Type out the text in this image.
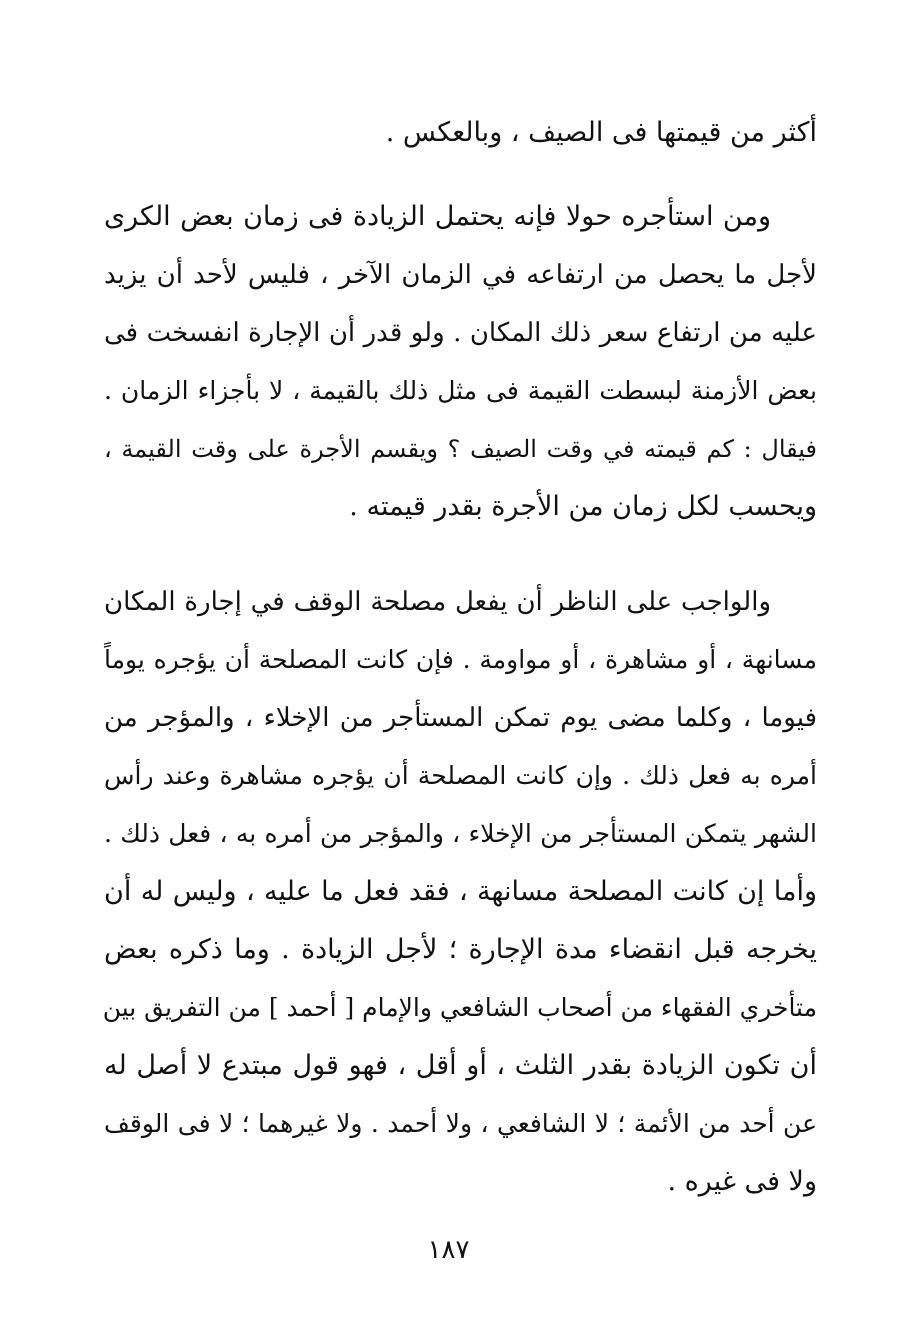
أكثر من قيمتها فى الصيف ، وبالعكس .
ومن استأجره حولا فإنه يحتمل الزيادة فى زمان بعض الكرى
لأجل ما يحصل من ارتفاعه في الزمان الآخر ، فليس لأحد أن يزيد
عليه من ارتفاع سعر ذلك المكان . ولو قدر أن الإجارة انفسخت فى
بعض الأزمنة لبسطت القيمة فى مثل ذلك بالقيمة ، لا بأجزاء الزمان .
فيقال : كم قيمته في وقت الصيف ؟ ويقسم الأجرة على وقت القيمة ،
ويحسب لكل زمان من الأجرة بقدر قيمته .
والواجب على الناظر أن يفعل مصلحة الوقف في إجارة المكان
مسانهة ، أو مشاهرة ، أو مواومة . فإن كانت المصلحة أن يؤجره يوماً
فيوما ، وكلما مضى يوم تمكن المستأجر من الإخلاء ، والمؤجر من
أمره به فعل ذلك . وإن كانت المصلحة أن يؤجره مشاهرة وعند رأس
الشهر يتمكن المستأجر من الإخلاء ، والمؤجر من أمره به ، فعل ذلك .
وأما إن كانت المصلحة مسانهة ، فقد فعل ما عليه ، وليس له أن
يخرجه قبل انقضاء مدة الإجارة ؛ لأجل الزيادة . وما ذكره بعض
متأخري الفقهاء من أصحاب الشافعي والإمام [ أحمد ] من التفريق بين
أن تكون الزيادة بقدر الثلث ، أو أقل ، فهو قول مبتدع لا أصل له
عن أحد من الأئمة ؛ لا الشافعي ، ولا أحمد . ولا غيرهما ؛ لا فى الوقف
ولا فى غيره .
١٨٧
